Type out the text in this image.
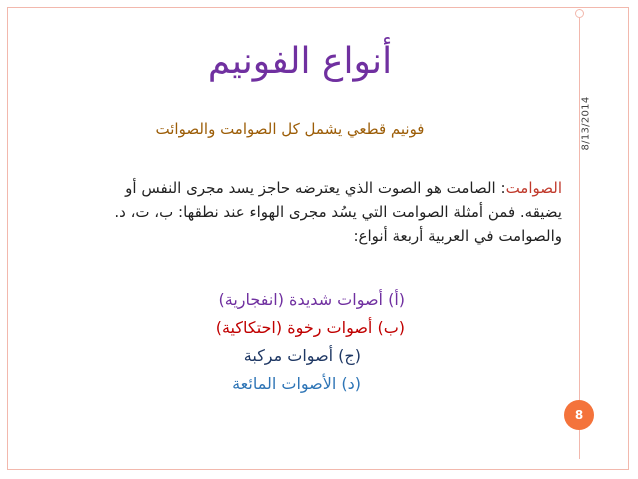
8/13/2014
أنواع الفونيم
فونيم قطعي يشمل كل الصوامت والصوائت

الصوامت: الصامت هو الصوت الذي يعترضه حاجز يسد مجرى النفس أو

يضيقه. فمن أمثلة الصوامت التي يسُد مجرى الهواء عند نطقها: ب، ت، د.

والصوامت في العربية أربعة أنواع:

(أ) أصوات شديدة (انفجارية)
(ب) أصوات رخوة (احتكاكية)
(ج) أصوات مركبة
(د) الأصوات المائعة
8
